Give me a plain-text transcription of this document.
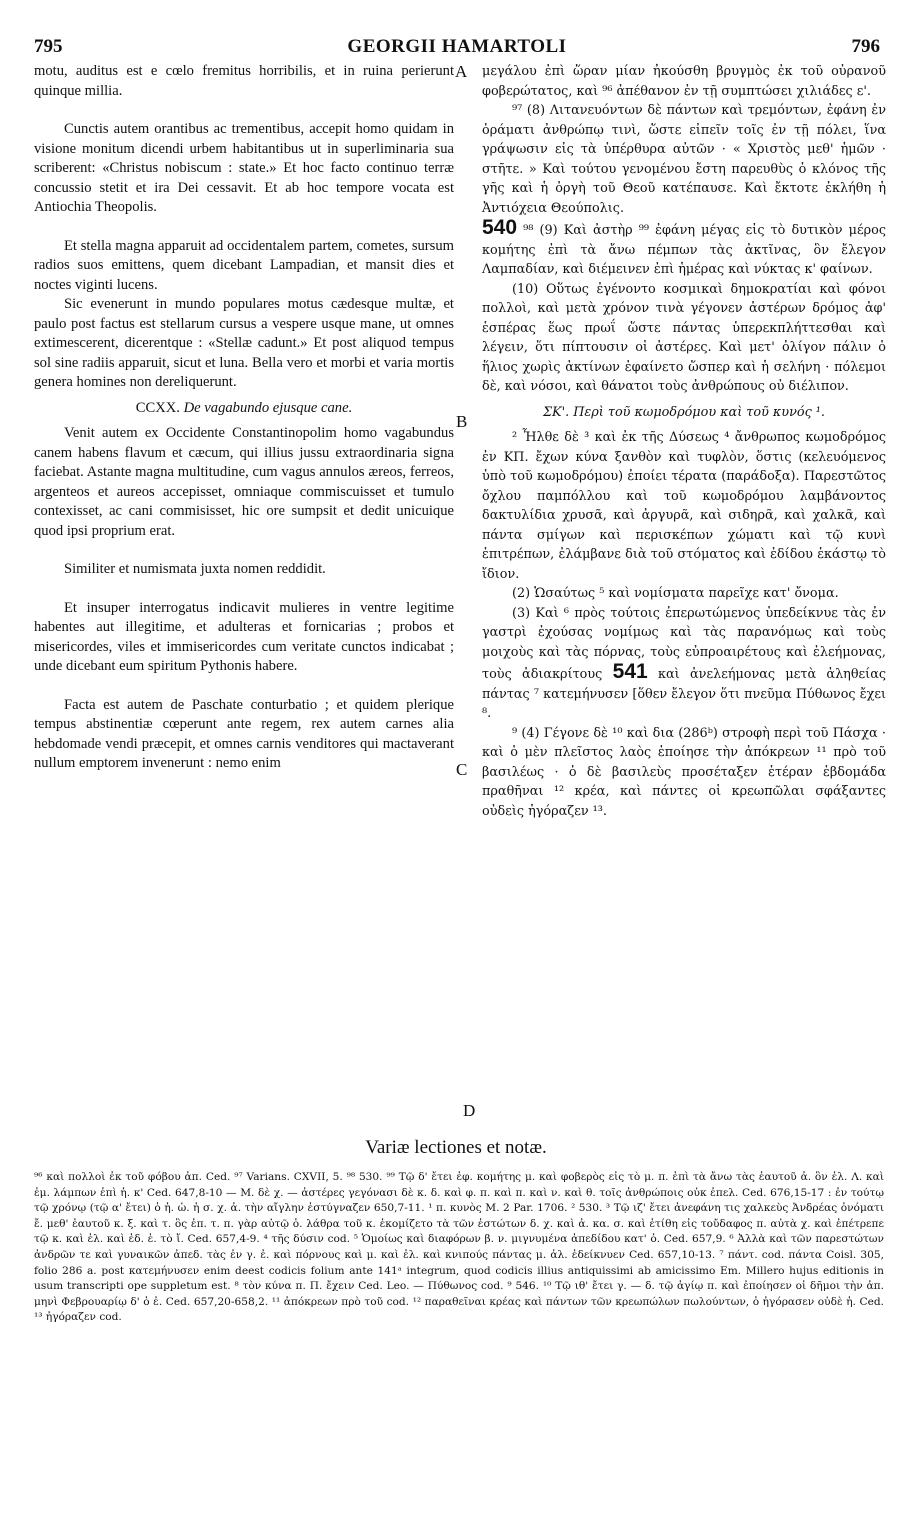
795	GEORGII HAMARTOLI	796

motu, auditus est e cœlo fremitus horribilis, et in ruina perierunt quinque millia.

Cunctis autem orantibus ac trementibus, accepit homo quidam in visione monitum dicendi urbem habitantibus ut in superliminaria sua scriberent: «Christus nobiscum : state.» Et hoc facto continuo terræ concussio stetit et ira Dei cessavit. Et ab hoc tempore vocata est Antiochia Theopolis.

Et stella magna apparuit ad occidentalem partem, cometes, sursum radios suos emittens, quem dicebant Lampadian, et mansit dies et noctes viginti lucens.

Sic evenerunt in mundo populares motus cædesque multæ, et paulo post factus est stellarum cursus a vespere usque mane, ut omnes extimescerent, dicerentque : «Stellæ cadunt.» Et post aliquod tempus sol sine radiis apparuit, sicut et luna. Bella vero et morbi et varia mortis genera homines non dereliquerunt.

CCXX. De vagabundo ejusque cane.

Venit autem ex Occidente Constantinopolim homo vagabundus canem habens flavum et cæcum, qui illius jussu extraordinaria signa faciebat. Astante magna multitudine, cum vagus annulos æreos, ferreos, argenteos et aureos accepisset, omniaque commiscuisset et tumulo contexisset, ac cani commisisset, hic ore sumpsit et dedit unicuique quod ipsi proprium erat.

Similiter et numismata juxta nomen reddidit.

Et insuper interrogatus indicavit mulieres in ventre legitime habentes aut illegitime, et adulteras et fornicarias ; probos et misericordes, viles et immisericordes cum veritate cunctos indicabat ; unde dicebant eum spiritum Pythonis habere.

Facta est autem de Paschate conturbatio ; et quidem plerique tempus abstinentiæ cœperunt ante regem, rex autem carnes alia hebdomade vendi præcepit, et omnes carnis venditores qui mactaverant nullum emptorem invenerunt : nemo enim

A
B
C
D

μεγάλου ἐπὶ ὥραν μίαν ἠκούσθη βρυγμὸς ἐκ τοῦ οὐρανοῦ φοβερώτατος, καὶ ⁹⁶ ἀπέθανον ἐν τῇ συμπτώσει χιλιάδες ε'.

⁹⁷ (8) Λιτανευόντων δὲ πάντων καὶ τρεμόντων, ἐφάνη ἐν ὁράματι ἀνθρώπῳ τινὶ, ὥστε εἰπεῖν τοῖς ἐν τῇ πόλει, ἵνα γράψωσιν εἰς τὰ ὑπέρθυρα αὐτῶν · « Χριστὸς μεθ' ἡμῶν · στῆτε. » Καὶ τούτου γενομένου ἔστη παρευθὺς ὁ κλόνος τῆς γῆς καὶ ἡ ὀργὴ τοῦ Θεοῦ κατέπαυσε. Καὶ ἔκτοτε ἐκλήθη ἡ Ἀντιόχεια Θεούπολις.

540 ⁹⁸ (9) Καὶ ἀστὴρ ⁹⁹ ἐφάνη μέγας εἰς τὸ δυτικὸν μέρος κομήτης ἐπὶ τὰ ἄνω πέμπων τὰς ἀκτῖνας, ὃν ἔλεγον Λαμπαδίαν, καὶ διέμεινεν ἐπὶ ἡμέρας καὶ νύκτας κ' φαίνων.

(10) Οὕτως ἐγένοντο κοσμικαὶ δημοκρατίαι καὶ φόνοι πολλοὶ, καὶ μετὰ χρόνον τινὰ γέγονεν ἀστέρων δρόμος ἀφ' ἑσπέρας ἕως πρωΐ ὥστε πάντας ὑπερεκπλήττεσθαι καὶ λέγειν, ὅτι πίπτουσιν οἱ ἀστέρες. Καὶ μετ' ὀλίγον πάλιν ὁ ἥλιος χωρὶς ἀκτίνων ἐφαίνετο ὥσπερ καὶ ἡ σελήνη · πόλεμοι δὲ, καὶ νόσοι, καὶ θάνατοι τοὺς ἀνθρώπους οὐ διέλιπον.

ΣΚ'. Περὶ τοῦ κωμοδρόμου καὶ τοῦ κυνός ¹.

² Ἦλθε δὲ ³ καὶ ἐκ τῆς Δύσεως ⁴ ἄνθρωπος κωμοδρόμος ἐν ΚΠ. ἔχων κύνα ξανθὸν καὶ τυφλὸν, ὅστις (κελευόμενος ὑπὸ τοῦ κωμοδρόμου) ἐποίει τέρατα (παράδοξα). Παρεστῶτος ὄχλου παμπόλλου καὶ τοῦ κωμοδρόμου λαμβάνοντος δακτυλίδια χρυσᾶ, καὶ ἀργυρᾶ, καὶ σιδηρᾶ, καὶ χαλκᾶ, καὶ πάντα σμίγων καὶ περισκέπων χώματι καὶ τῷ κυνὶ ἐπιτρέπων, ἐλάμβανε διὰ τοῦ στόματος καὶ ἐδίδου ἑκάστῳ τὸ ἴδιον.

(2) Ὡσαύτως ⁵ καὶ νομίσματα παρεῖχε κατ' ὄνομα.

(3) Καὶ ⁶ πρὸς τούτοις ἐπερωτώμενος ὑπεδείκνυε τὰς ἐν γαστρὶ ἐχούσας νομίμως καὶ τὰς παρανόμως καὶ τοὺς μοιχοὺς καὶ τὰς πόρνας, τοὺς εὐπροαιρέτους καὶ ἐλεήμονας, τοὺς ἀδιακρίτους 541 καὶ ἀνελεήμονας μετὰ ἀληθείας πάντας ⁷ κατεμήνυσεν [ὅθεν ἔλεγον ὅτι πνεῦμα Πύθωνος ἔχει ⁸.

⁹ (4) Γέγονε δὲ ¹⁰ καὶ δια (286ᵇ) στροφὴ περὶ τοῦ Πάσχα · καὶ ὁ μὲν πλεῖστος λαὸς ἐποίησε τὴν ἀπόκρεων ¹¹ πρὸ τοῦ βασιλέως · ὁ δὲ βασιλεὺς προσέταξεν ἑτέραν ἑβδομάδα πραθῆναι ¹² κρέα, καὶ πάντες οἱ κρεωπῶλαι σφάξαντες οὐδεὶς ἠγόραζεν ¹³.

Variæ lectiones et notæ.

⁹⁶ καὶ πολλοὶ ἐκ τοῦ φόβου ἀπ. Ced. ⁹⁷ Varians. CXVII, 5. ⁹⁸ 530. ⁹⁹ Τῷ δ' ἔτει ἐφ. κομήτης μ. καὶ φοβερὸς εἰς τὸ μ. π. ἐπὶ τὰ ἄνω τὰς ἑαυτοῦ ἀ. ὃν ἐλ. Λ. καὶ ἐμ. λάμπων ἐπὶ ἡ. κ' Ced. 647,8-10 — M. δὲ χ. — ἀστέρες γεγόνασι δὲ κ. δ. καὶ φ. π. καὶ π. καὶ ν. καὶ θ. τοῖς ἀνθρώποις οὐκ ἐπελ. Ced. 676,15-17 : ἐν τούτῳ τῷ χρόνῳ (τῷ α' ἔτει) ὁ ἡ. ὡ. ἡ σ. χ. ἀ. τὴν αἴγλην ἐστύγναζεν 650,7-11. ¹ π. κυνὸς M. 2 Par. 1706. ² 530. ³ Τῷ ιζ' ἔτει ἀνεφάνη τις χαλκεὺς Ἀνδρέας ὀνόματι ἔ. μεθ' ἑαυτοῦ κ. ξ. καὶ τ. ὃς ἐπ. τ. π. γὰρ αὐτῷ ὁ. λάθρα τοῦ κ. ἐκομίζετο τὰ τῶν ἑστώτων δ. χ. καὶ ἀ. κα. σ. καὶ ἐτίθη εἰς τοὔδαφος π. αὐτὰ χ. καὶ ἐπέτρεπε τῷ κ. καὶ ἐλ. καὶ ἐδ. ἑ. τὸ ἴ. Ced. 657,4-9. ⁴ τῆς δύσιν cod. ⁵ Ὁμοίως καὶ διαφόρων β. ν. μιγνυμένα ἀπεδίδου κατ' ὀ. Ced. 657,9. ⁶ Ἀλλὰ καὶ τῶν παρεστώτων ἀνδρῶν τε καὶ γυναικῶν ἀπεδ. τὰς ἐν γ. ἐ. καὶ πόρνους καὶ μ. καὶ ἐλ. καὶ κνιπούς πάντας μ. ἀλ. ἐδείκνυεν Ced. 657,10-13. ⁷ πάντ. cod. πάντα Coisl. 305, folio 286 a. post κατεμήνυσεν enim deest codicis folium ante 141ᵃ integrum, quod codicis illius antiquissimi ab amicissimo Em. Millero hujus editionis in usum transcripti ope suppletum est. ⁸ τὸν κύνα π. Π. ἔχειν Ced. Leo. — Πύθωνος cod. ⁹ 546. ¹⁰ Τῷ ιθ' ἔτει γ. — δ. τῷ ἁγίῳ π. καὶ ἐποίησεν οἱ δῆμοι τὴν ἀπ. μηνὶ Φεβρουαρίῳ δ' ὁ ἐ. Ced. 657,20-658,2. ¹¹ ἀπόκρεων πρὸ τοῦ cod. ¹² παραθεῖναι κρέας καὶ πάντων τῶν κρεωπώλων πωλούντων, ὁ ἠγόρασεν οὐδὲ ἡ. Ced. ¹³ ἠγόραζεν cod.
